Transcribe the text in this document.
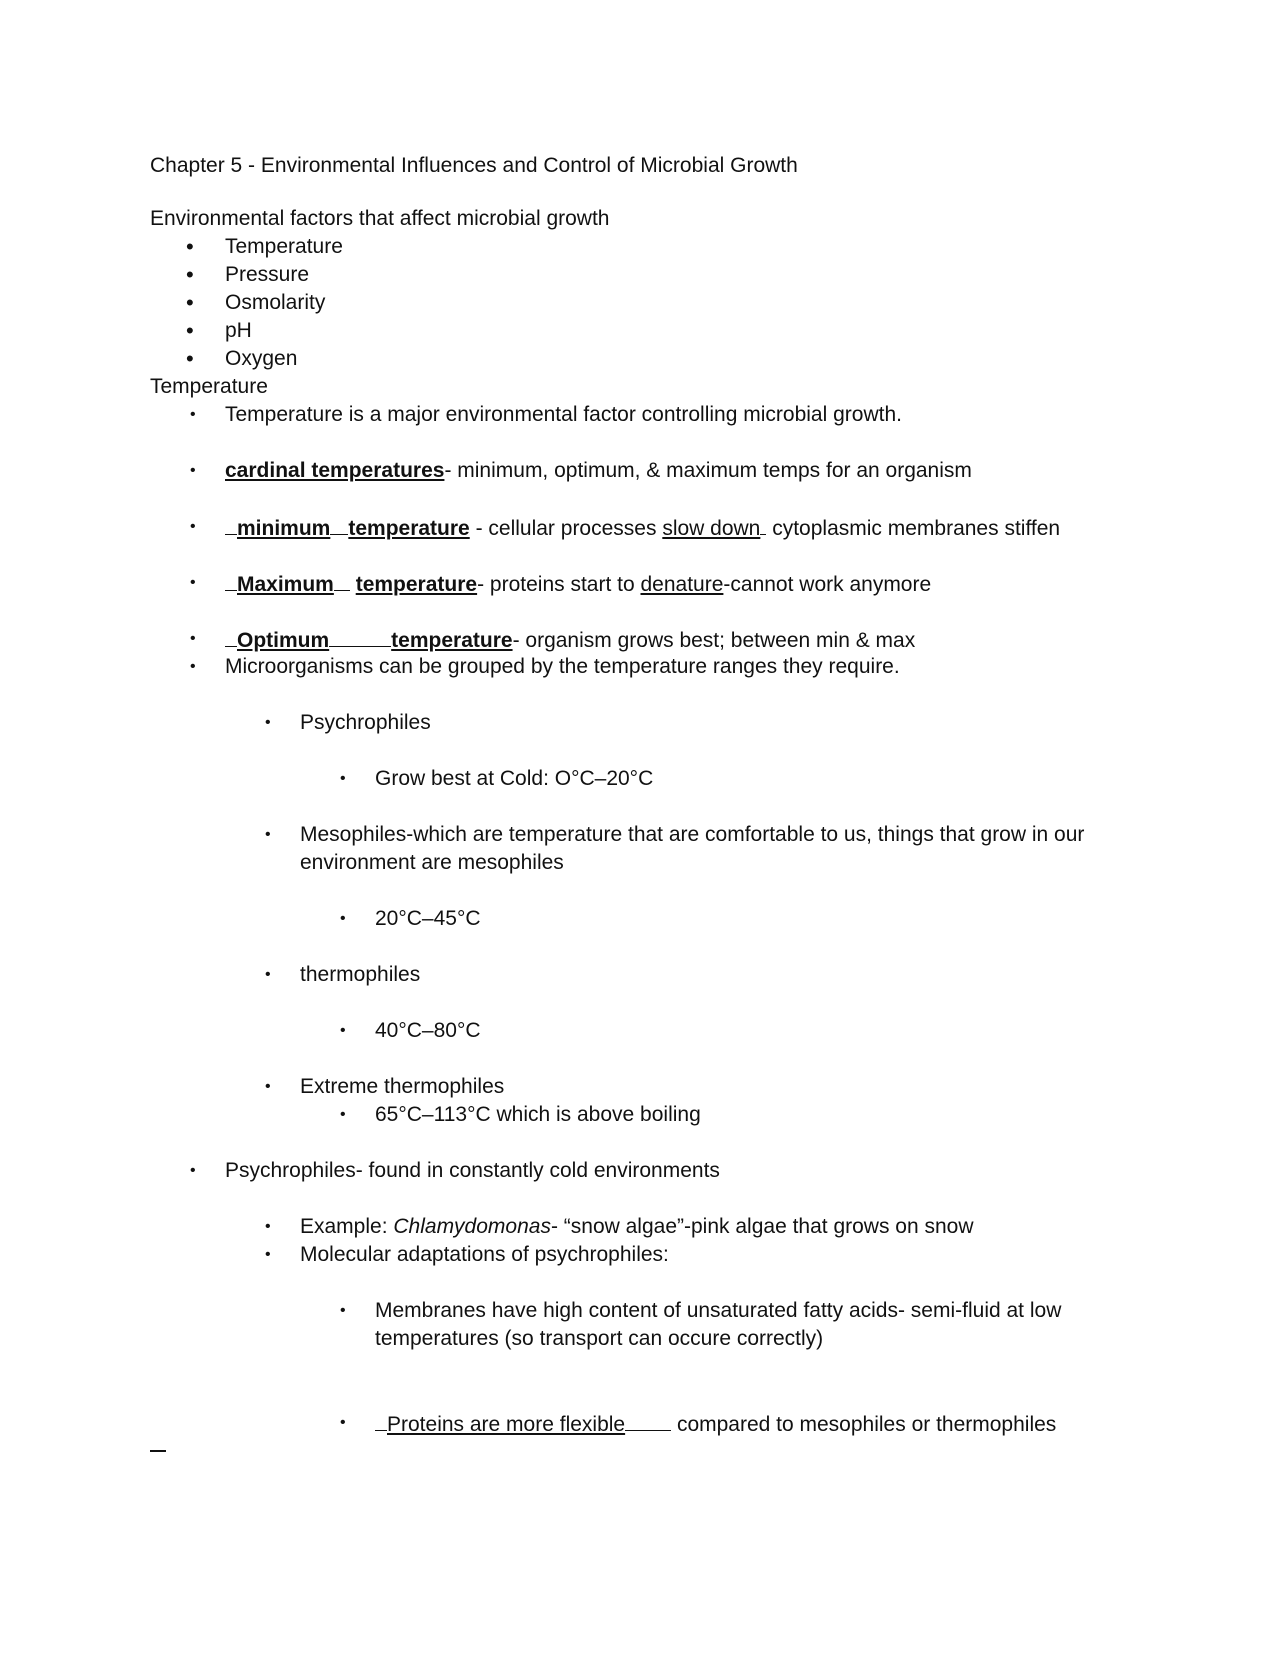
Chapter 5 - Environmental Influences and Control of Microbial Growth
Environmental factors that affect microbial growth
• Temperature
• Pressure
• Osmolarity
• pH
• Oxygen
Temperature
• Temperature is a major environmental factor controlling microbial growth.
• cardinal temperatures- minimum, optimum, & maximum temps for an organism
•	minimum temperature - cellular processes slow down cytoplasmic membranes stiffen
•	Maximum temperature- proteins start to denature-cannot work anymore
•	Optimum	temperature- organism grows best; between min & max
• Microorganisms can be grouped by the temperature ranges they require.
• Psychrophiles
• Grow best at Cold: O°C–20°C
• Mesophiles-which are temperature that are comfortable to us, things that grow in our
environment are mesophiles
• 20°C–45°C
• thermophiles
• 40°C–80°C
• Extreme thermophiles
• 65°C–113°C which is above boiling
• Psychrophiles- found in constantly cold environments
• Example: Chlamydomonas- “snow algae”-pink algae that grows on snow
• Molecular adaptations of psychrophiles:
• Membranes have high content of unsaturated fatty acids- semi-fluid at low
temperatures (so transport can occure correctly)
•	Proteins are more flexible compared to mesophiles or thermophiles
